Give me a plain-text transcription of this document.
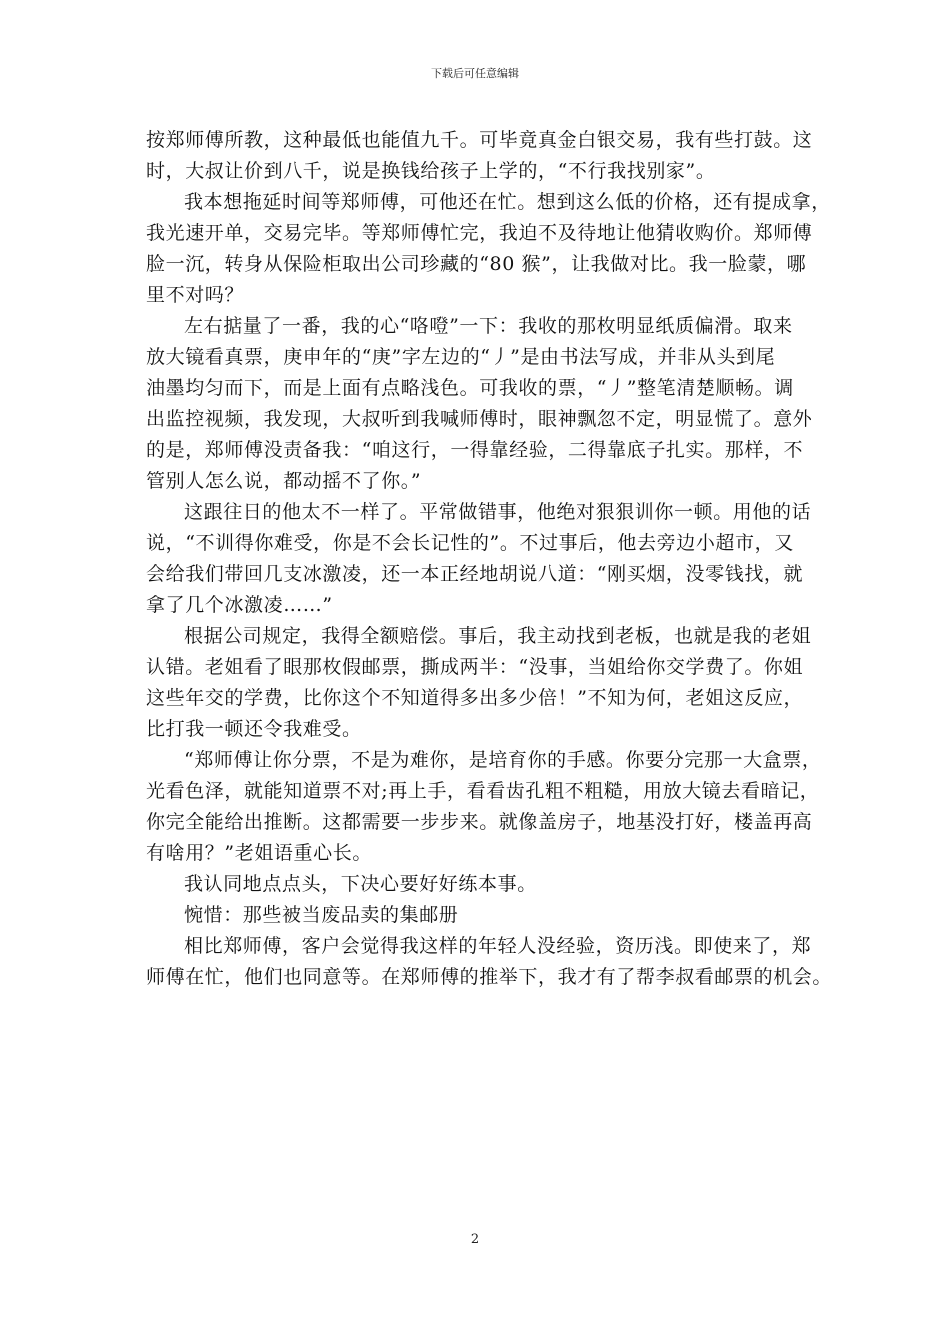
下载后可任意编辑

按郑师傅所教，这种最低也能值九千。可毕竟真金白银交易，我有些打鼓。这
时，大叔让价到八千，说是换钱给孩子上学的，“不行我找别家”。

我本想拖延时间等郑师傅，可他还在忙。想到这么低的价格，还有提成拿，
我光速开单，交易完毕。等郑师傅忙完，我迫不及待地让他猜收购价。郑师傅
脸一沉，转身从保险柜取出公司珍藏的“80 猴”，让我做对比。我一脸蒙，哪
里不对吗？

左右掂量了一番，我的心“咯噔”一下：我收的那枚明显纸质偏滑。取来
放大镜看真票，庚申年的“庚”字左边的“丿”是由书法写成，并非从头到尾
油墨均匀而下，而是上面有点略浅色。可我收的票，“丿”整笔清楚顺畅。调
出监控视频，我发现，大叔听到我喊师傅时，眼神飘忽不定，明显慌了。意外
的是，郑师傅没责备我：“咱这行，一得靠经验，二得靠底子扎实。那样，不
管别人怎么说，都动摇不了你。”

这跟往日的他太不一样了。平常做错事，他绝对狠狠训你一顿。用他的话
说，“不训得你难受，你是不会长记性的”。不过事后，他去旁边小超市，又
会给我们带回几支冰激凌，还一本正经地胡说八道：“刚买烟，没零钱找，就
拿了几个冰激凌……”

根据公司规定，我得全额赔偿。事后，我主动找到老板，也就是我的老姐
认错。老姐看了眼那枚假邮票，撕成两半：“没事，当姐给你交学费了。你姐
这些年交的学费，比你这个不知道得多出多少倍！”不知为何，老姐这反应，
比打我一顿还令我难受。

“郑师傅让你分票，不是为难你，是培育你的手感。你要分完那一大盒票，
光看色泽，就能知道票不对;再上手，看看齿孔粗不粗糙，用放大镜去看暗记，
你完全能给出推断。这都需要一步步来。就像盖房子，地基没打好，楼盖再高
有啥用？”老姐语重心长。

我认同地点点头，下决心要好好练本事。

惋惜：那些被当废品卖的集邮册

相比郑师傅，客户会觉得我这样的年轻人没经验，资历浅。即使来了，郑
师傅在忙，他们也同意等。在郑师傅的推举下，我才有了帮李叔看邮票的机会。

2
